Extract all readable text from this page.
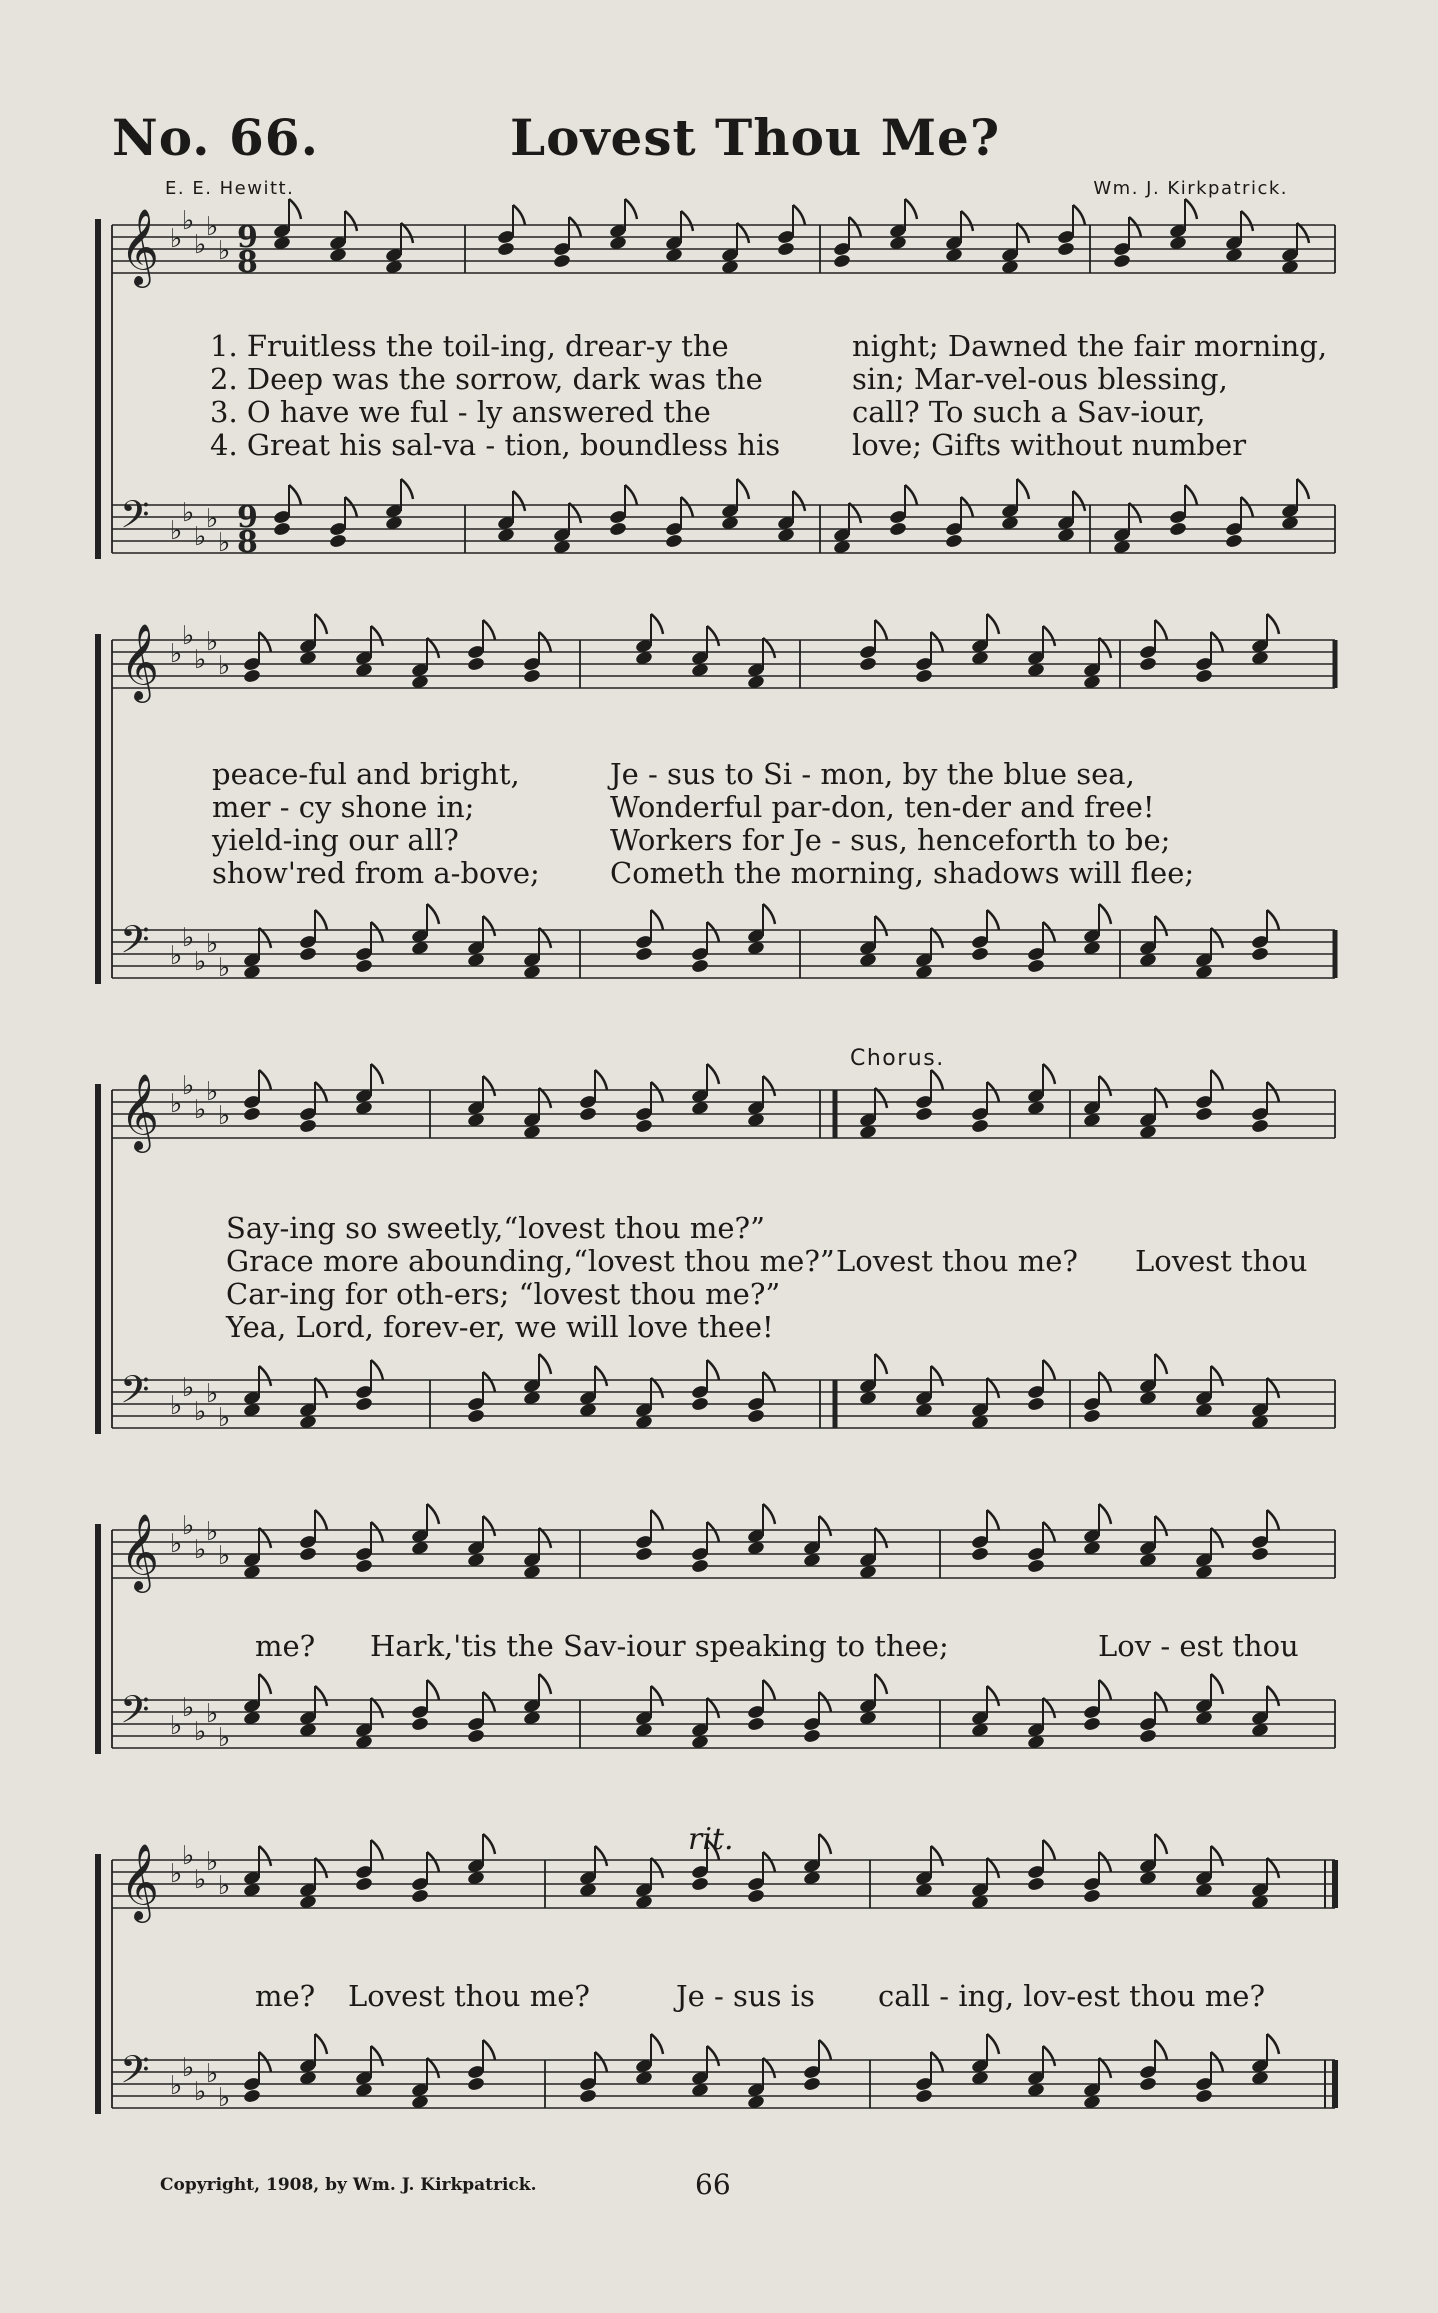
No. 66.	Lovest Thou Me?
E. E. Hewitt.	Wm. J. Kirkpatrick.
𝄞 ♭
♭
♭
♭
♭ 9
8
𝄢 ♭
♭
♭
♭
♭
9
8
𝄞 ♭
♭
♭
♭
♭
𝄢 ♭
♭
♭
♭
♭
𝄞 ♭
♭
♭
♭
♭
𝄢 ♭
♭
♭
♭
♭
𝄞 ♭
♭
♭
♭
♭
𝄢 ♭
♭
♭
♭
♭
𝄞 ♭
♭
♭
♭
♭
𝄢 ♭
♭
♭
♭
♭
1. Fruitless the toil-ing, drear-y the	night; Dawned the fair morning,
2. Deep was the sorrow, dark was the	sin; Mar-vel-ous blessing,
3. O have we ful - ly answered the	call? To such a Sav-iour,
4. Great his sal-va - tion, boundless his love; Gifts without number
peace-ful and bright,	Je - sus to Si - mon, by the blue sea,
mer - cy shone in;	Wonderful par-don, ten-der and free!
yield-ing our all?	Workers for Je - sus, henceforth to be;
show'red from a-bove; Cometh the morning, shadows will flee;
Say-ing so sweetly,“lovest thou me?”
Grace more abounding,“lovest thou me?” Lovest thou me? Lovest thou
Car-ing for oth-ers; “lovest thou me?”
Yea, Lord, forev-er, we will love thee!
me? Hark,'tis the Sav-iour speaking to thee;	Lov - est thou
me? Lovest thou me?	Je - sus is call - ing, lov-est thou me?
Chorus.
rit.
Copyright, 1908, by Wm. J. Kirkpatrick.	66
